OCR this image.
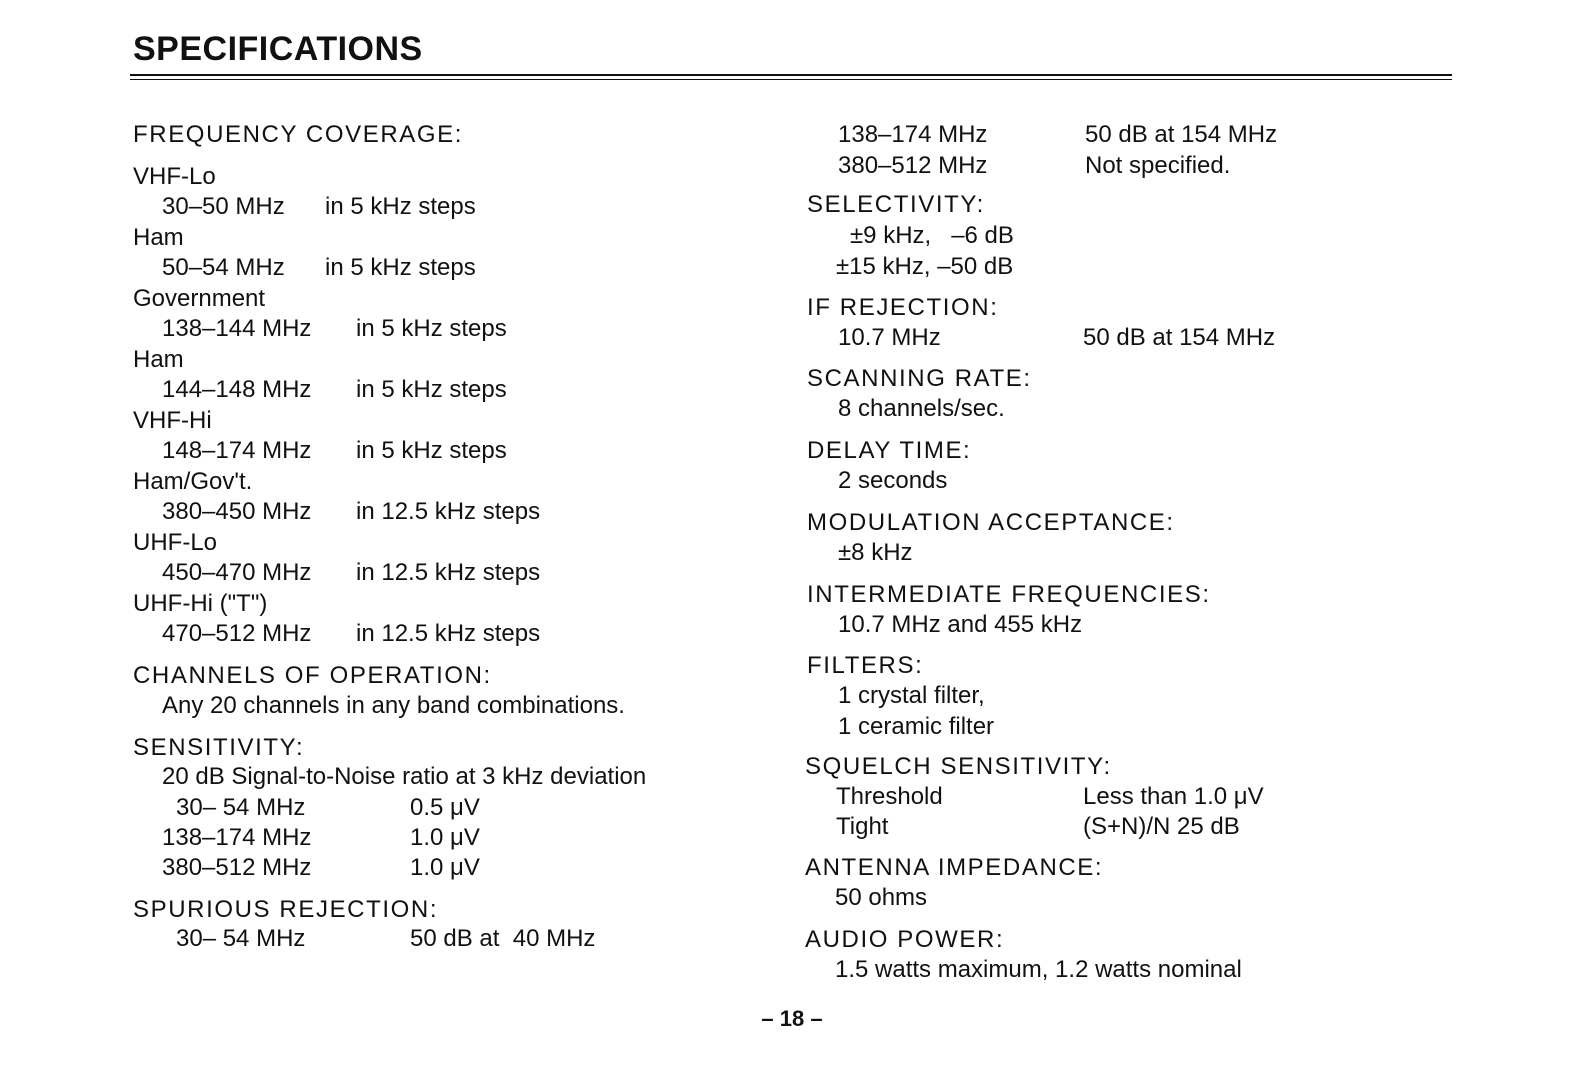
SPECIFICATIONS
FREQUENCY COVERAGE:
VHF-Lo
30–50 MHz in 5 kHz steps
Ham
50–54 MHz in 5 kHz steps
Government
138–144 MHz in 5 kHz steps
Ham
144–148 MHz in 5 kHz steps
VHF-Hi
148–174 MHz in 5 kHz steps
Ham/Gov't.
380–450 MHz in 12.5 kHz steps
UHF-Lo
450–470 MHz in 12.5 kHz steps
UHF-Hi ("T")
470–512 MHz in 12.5 kHz steps
CHANNELS OF OPERATION:
Any 20 channels in any band combinations.
SENSITIVITY:
20 dB Signal-to-Noise ratio at 3 kHz deviation
30– 54 MHz	0.5 μV
138–174 MHz	1.0 μV
380–512 MHz	1.0 μV
SPURIOUS REJECTION:
30– 54 MHz	50 dB at  40 MHz
138–174 MHz	50 dB at 154 MHz
380–512 MHz	Not specified.
SELECTIVITY:
±9 kHz,   –6 dB
±15 kHz, –50 dB
IF REJECTION:
10.7 MHz	50 dB at 154 MHz
SCANNING RATE:
8 channels/sec.
DELAY TIME:
2 seconds
MODULATION ACCEPTANCE:
±8 kHz
INTERMEDIATE FREQUENCIES:
10.7 MHz and 455 kHz
FILTERS:
1 crystal filter,
1 ceramic filter
SQUELCH SENSITIVITY:
Threshold	Less than 1.0 μV
Tight	(S+N)/N 25 dB
ANTENNA IMPEDANCE:
50 ohms
AUDIO POWER:
1.5 watts maximum, 1.2 watts nominal
– 18 –
